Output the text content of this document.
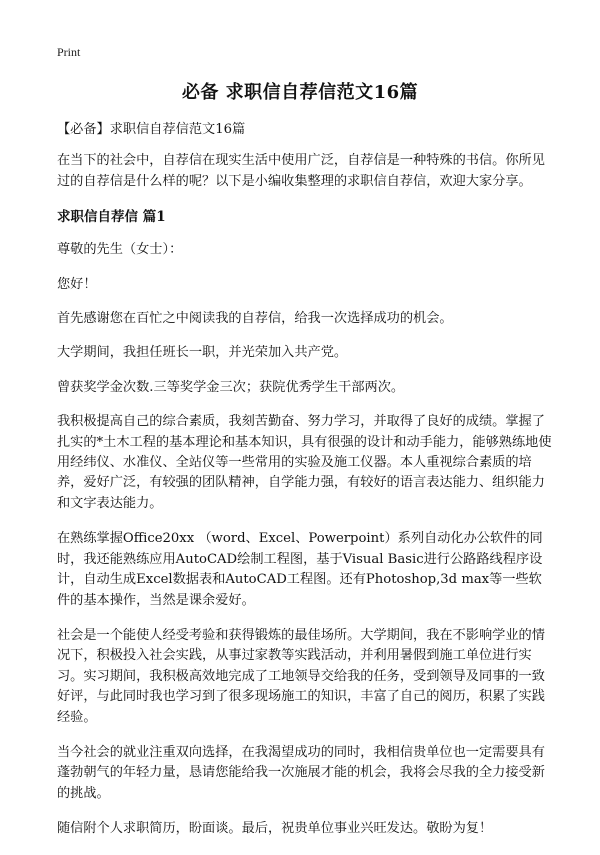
Print
必备 求职信自荐信范文16篇

【必备】求职信自荐信范文16篇

在当下的社会中，自荐信在现实生活中使用广泛，自荐信是一种特殊的书信。你所见过的自荐信是什么样的呢？以下是小编收集整理的求职信自荐信，欢迎大家分享。

求职信自荐信 篇1

尊敬的先生（女士）：

您好！

首先感谢您在百忙之中阅读我的自荐信，给我一次选择成功的机会。

大学期间，我担任班长一职，并光荣加入共产党。

曾获奖学金次数.三等奖学金三次；获院优秀学生干部两次。

我积极提高自己的综合素质，我刻苦勤奋、努力学习，并取得了良好的成绩。掌握了扎实的*土木工程的基本理论和基本知识，具有很强的设计和动手能力，能够熟练地使用经纬仪、水准仪、全站仪等一些常用的实验及施工仪器。本人重视综合素质的培养，爱好广泛，有较强的团队精神，自学能力强，有较好的语言表达能力、组织能力和文字表达能力。

在熟练掌握Office20xx （word、Excel、Powerpoint）系列自动化办公软件的同时，我还能熟练应用AutoCAD绘制工程图，基于Visual Basic进行公路路线程序设计，自动生成Excel数据表和AutoCAD工程图。还有Photoshop,3d max等一些软件的基本操作，当然是课余爱好。

社会是一个能使人经受考验和获得锻炼的最佳场所。大学期间，我在不影响学业的情况下，积极投入社会实践，从事过家教等实践活动，并利用暑假到施工单位进行实习。实习期间，我积极高效地完成了工地领导交给我的任务，受到领导及同事的一致好评，与此同时我也学习到了很多现场施工的知识，丰富了自己的阅历，积累了实践经验。

当今社会的就业注重双向选择，在我渴望成功的同时，我相信贵单位也一定需要具有蓬勃朝气的年轻力量，恳请您能给我一次施展才能的机会，我将会尽我的全力接受新的挑战。

随信附个人求职简历，盼面谈。最后，祝贵单位事业兴旺发达。敬盼为复！
